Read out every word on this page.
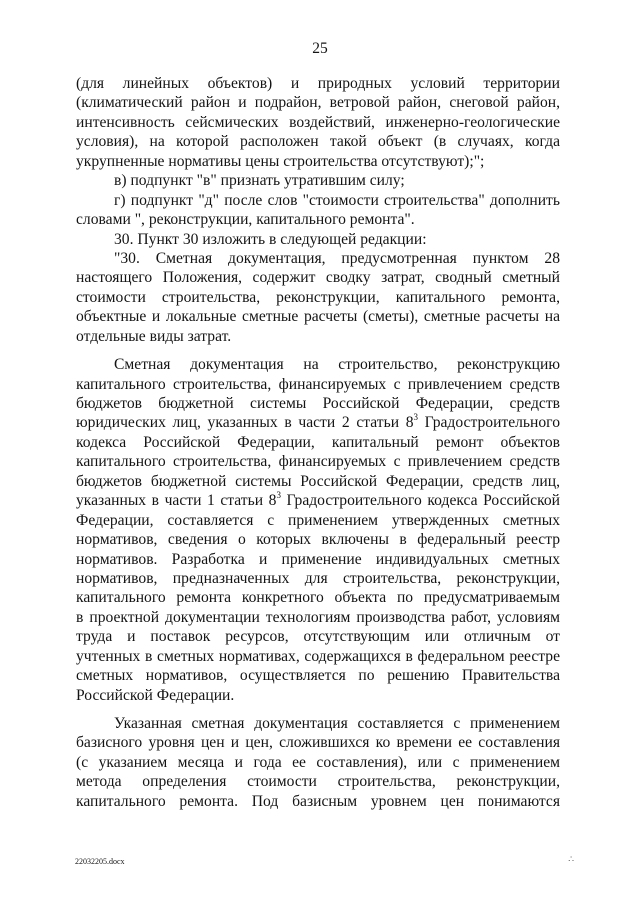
25
(для линейных объектов) и природных условий территории
(климатический район и подрайон, ветровой район, снеговой район,
интенсивность сейсмических воздействий, инженерно-геологические
условия), на которой расположен такой объект (в случаях, когда
укрупненные нормативы цены строительства отсутствуют);";
в) подпункт "в" признать утратившим силу;
г) подпункт "д" после слов "стоимости строительства" дополнить
словами ", реконструкции, капитального ремонта".
30. Пункт 30 изложить в следующей редакции:
"30. Сметная документация, предусмотренная пунктом 28
настоящего Положения, содержит сводку затрат, сводный сметный
стоимости строительства, реконструкции, капитального ремонта,
объектные и локальные сметные расчеты (сметы), сметные расчеты на
отдельные виды затрат.
Сметная документация на строительство, реконструкцию
капитального строительства, финансируемых с привлечением средств
бюджетов бюджетной системы Российской Федерации, средств
юридических лиц, указанных в части 2 статьи $8^3$ Градостроительного
кодекса Российской Федерации, капитальный ремонт объектов
капитального строительства, финансируемых с привлечением средств
бюджетов бюджетной системы Российской Федерации, средств лиц,
указанных в части 1 статьи $8^3$ Градостроительного кодекса Российской
Федерации, составляется с применением утвержденных сметных
нормативов, сведения о которых включены в федеральный реестр
нормативов. Разработка и применение индивидуальных сметных
нормативов, предназначенных для строительства, реконструкции,
капитального ремонта конкретного объекта по предусматриваемым
в проектной документации технологиям производства работ, условиям
труда и поставок ресурсов, отсутствующим или отличным от
учтенных в сметных нормативах, содержащихся в федеральном реестре
сметных нормативов, осуществляется по решению Правительства
Российской Федерации.
Указанная сметная документация составляется с применением
базисного уровня цен и цен, сложившихся ко времени ее составления
(с указанием месяца и года ее составления), или с применением
метода определения стоимости строительства, реконструкции,
капитального ремонта. Под базисным уровнем цен понимаются
22032205.docx	∴
